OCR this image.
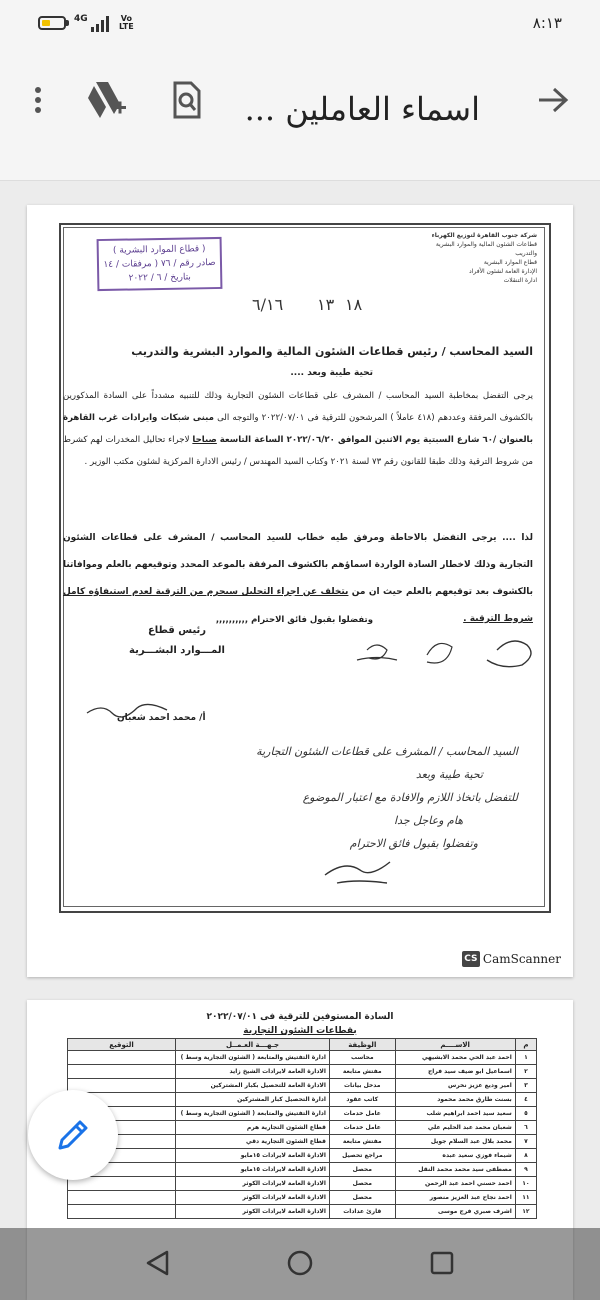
4G	Vo
LTE	٨:١٣
اسماء العاملين ...
( قطاع الموارد البشرية )
صادر رقم / ٧٦ ( مرفقات / ١٤
بتاريخ / ٦ / ٢٠٢٢
شركة جنوب القاهرة لتوزيع الكهرباء
قطاعات الشئون المالية والموارد البشرية والتدريب
قطاع الموارد البشرية
الإدارة العامة لشئون الأفراد
ادارة التنقلات
١٨
١٣
٦/١٦
السيد المحاسب / رئيس قطاعات الشئون المالية والموارد البشرية والتدريب
تحية طيبة وبعد ....
يرجى التفضل بمخاطبة السيد المحاسب / المشرف على قطاعات الشئون التجارية وذلك للتنبيه مشدداً على السادة المذكورين بالكشوف المرفقة وعددهم (٤١٨ عاملاً ) المرشحون للترقية فى ٢٠٢٢/٠٧/٠١ والتوجه الى مبنى شبكات وايرادات غرب القاهرة بالعنوان /٦٠ شارع السبتية يوم الاثنين الموافق ٢٠٢٢/٠٦/٢٠ الساعة التاسعة صباحا لاجراء تحاليل المخدرات لهم كشرط من شروط الترقية وذلك طبقا للقانون رقم ٧٣ لسنة ٢٠٢١ وكتاب السيد المهندس / رئيس الادارة المركزية لشئون مكتب الوزير .
لذا .... يرجى التفضل بالاحاطة ومرفق طيه خطاب للسيد المحاسب / المشرف على قطاعات الشئون التجارية وذلك لاخطار السادة الواردة اسماؤهم بالكشوف المرفقة بالموعد المحدد وتوقيعهم بالعلم وموافاتنا بالكشوف بعد توقيعهم بالعلم حيث ان من يتخلف عن اجراء التحليل سيحرم من الترقية لعدم استيفاؤه كامل شروط الترقية .
وتفضلوا بقبول فائق الاحترام ,,,,,,,,,,
رئيس قطاع
المـــوارد البشـــرية
أ/ محمد احمد شعبان
السيد المحاسب / المشرف على قطاعات الشئون التجارية
تحية طيبة وبعد
للتفضل باتخاذ اللازم والافادة مع اعتبار الموضوع
هام وعاجل جدا
وتفضلوا بقبول فائق الاحترام
CS CamScanner
السادة المستوفين للترقية فى ٢٠٢٢/٠٧/٠١
بقطاعات الشئون التجارية
م	الاســــم	الوظيفة	جـهـــة العـمــل	التوقيع
١	احمد عبد الحي محمد الابشيهي	محاسب	ادارة التفتيش والمتابعة ( الشئون التجارية وسط )	
٢	اسماعيل ابو ضيف سيد فراج	مفتش متابعة	الادارة العامة لايرادات الشيخ زايد	
٣	امير وديع عزيز نخرس	مدخل بيانات	الادارة العامة للتحصيل بكبار المشتركين	
٤	بسنت طارق محمد محمود	كاتب عقود	ادارة التحصيل كبار المشتركين	
٥	سعيد سيد احمد ابراهيم شلب	عامل خدمات	ادارة التفتيش والمتابعة ( الشئون التجارية وسط )	
٦	شعبان محمد عبد الحليم علي	عامل خدمات	قطاع الشئون التجارية هرم	
٧	محمد بلال عبد السلام جويل	مفتش متابعة	قطاع الشئون التجارية دقي	
٨	شيماء فوزي سعيد عبده	مراجع تحصيل	الادارة العامة لايرادات ١٥مايو	
٩	مصطفى سيد محمد محمد النقل	محصل	الادارة العامة لايرادات ١٥مايو	
١٠	احمد حسني احمد عبد الرحمن	محصل	الادارة العامة لايرادات الكوثر	
١١	احمد نجاح عبد العزيز منصور	محصل	الادارة العامة لايرادات الكوثر	
١٢	اشرف صبري فرج موسى	قارئ عدادات	الادارة العامة لايرادات الكوثر	
